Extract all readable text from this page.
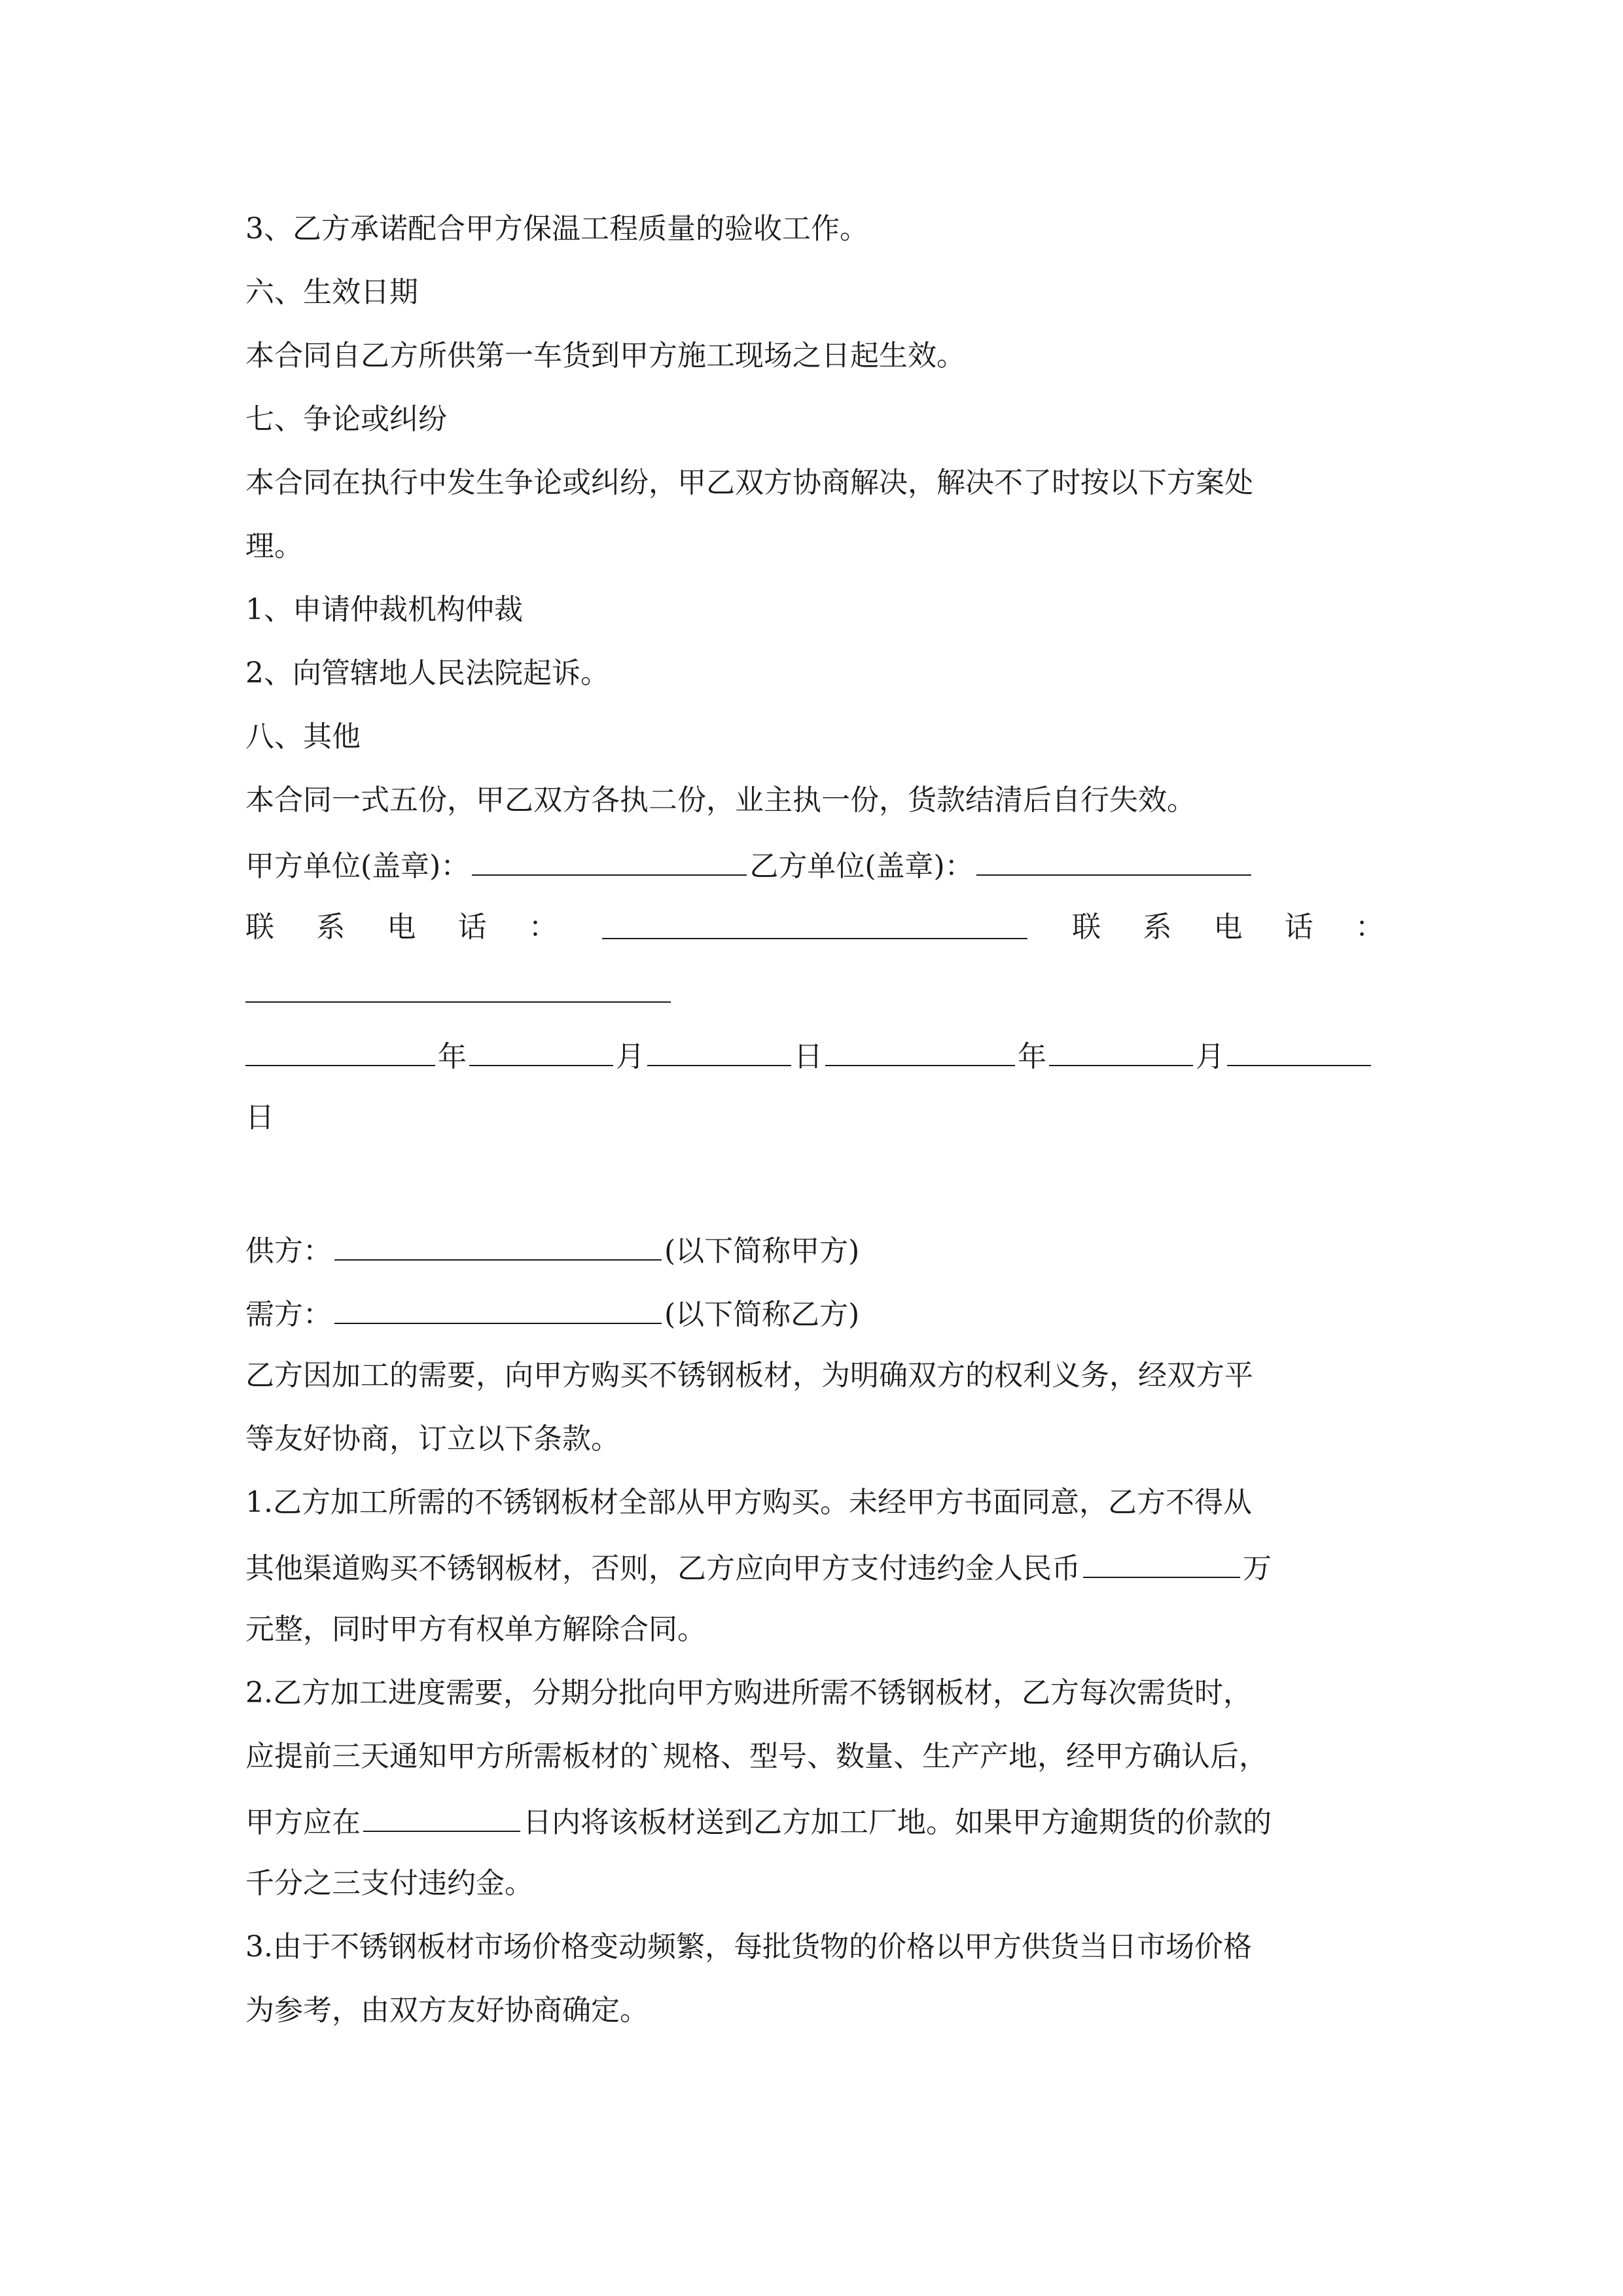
3、乙方承诺配合甲方保温工程质量的验收工作。

六、生效日期

本合同自乙方所供第一车货到甲方施工现场之日起生效。

七、争论或纠纷

本合同在执行中发生争论或纠纷，甲乙双方协商解决，解决不了时按以下方案处

理。

1、申请仲裁机构仲裁

2、向管辖地人民法院起诉。

八、其他

本合同一式五份，甲乙双方各执二份，业主执一份，货款结清后自行失效。

甲方单位(盖章)：	乙方单位(盖章)：

联 系 电 话 ：	联 系 电 话 ：

年	月	日	年	月

日

供方：	(以下简称甲方)

需方：	(以下简称乙方)

乙方因加工的需要，向甲方购买不锈钢板材，为明确双方的权利义务，经双方平

等友好协商，订立以下条款。

1.乙方加工所需的不锈钢板材全部从甲方购买。未经甲方书面同意，乙方不得从

其他渠道购买不锈钢板材，否则，乙方应向甲方支付违约金人民币	万

元整，同时甲方有权单方解除合同。

2.乙方加工进度需要，分期分批向甲方购进所需不锈钢板材，乙方每次需货时，

应提前三天通知甲方所需板材的`规格、型号、数量、生产产地，经甲方确认后，

甲方应在	日内将该板材送到乙方加工厂地。如果甲方逾期货的价款的

千分之三支付违约金。

3.由于不锈钢板材市场价格变动频繁，每批货物的价格以甲方供货当日市场价格

为参考，由双方友好协商确定。
